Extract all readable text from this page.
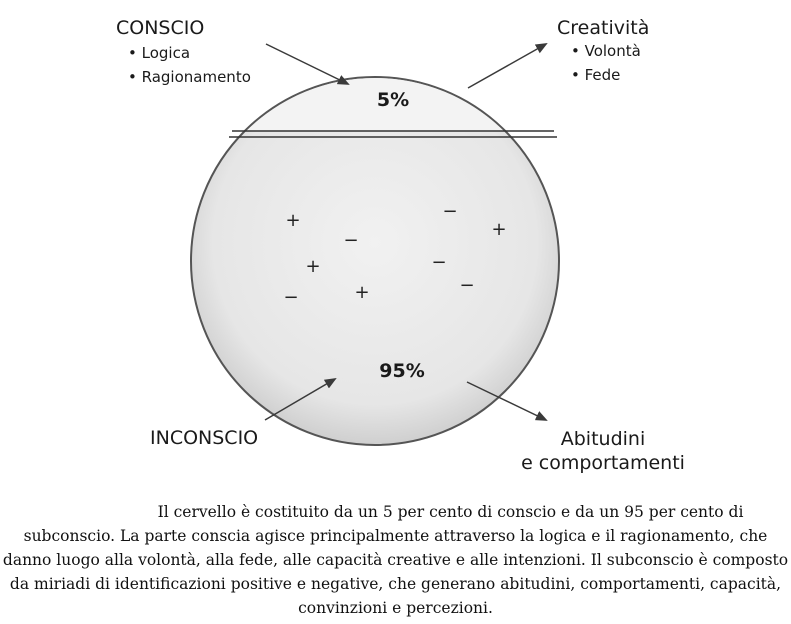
5%
95%
+
−
+
−	+
−
+
−
−
CONSCIO
• Logica
• Ragionamento
Creatività
• Volontà
• Fede
INCONSCIO	Abitudini
e comportamenti
Il cervello è costituito da un 5 per cento di conscio e da un 95 per cento di
subconscio. La parte conscia agisce principalmente attraverso la logica e il ragionamento, che danno luogo alla volontà, alla fede, alle capacità creative e alle intenzioni. Il subconscio è composto da miriadi di identificazioni positive e negative, che generano abitudini, comportamenti, capacità, convinzioni e percezioni.
